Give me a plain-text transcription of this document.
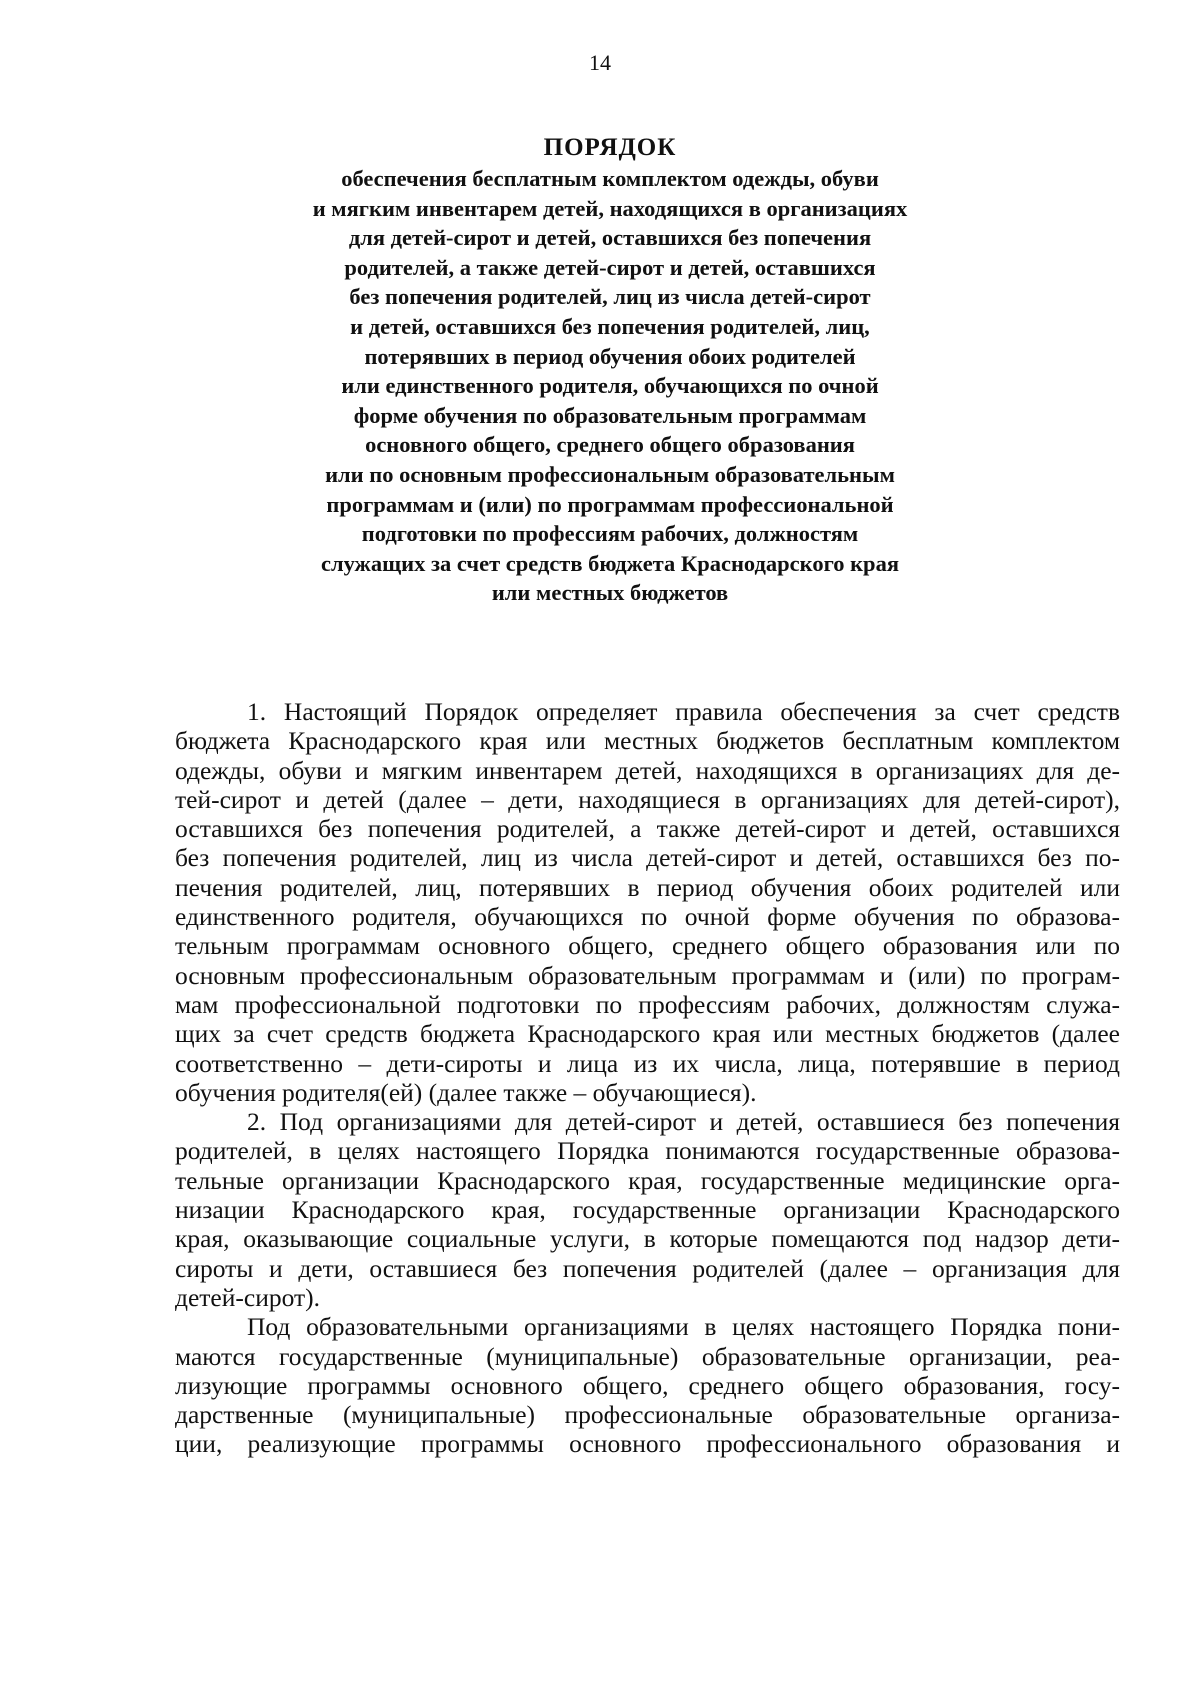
14
ПОРЯДОК
обеспечения бесплатным комплектом одежды, обуви
и мягким инвентарем детей, находящихся в организациях
для детей-сирот и детей, оставшихся без попечения
родителей, а также детей-сирот и детей, оставшихся
без попечения родителей, лиц из числа детей-сирот
и детей, оставшихся без попечения родителей, лиц,
потерявших в период обучения обоих родителей
или единственного родителя, обучающихся по очной
форме обучения по образовательным программам
основного общего, среднего общего образования
или по основным профессиональным образовательным
программам и (или) по программам профессиональной
подготовки по профессиям рабочих, должностям
служащих за счет средств бюджета Краснодарского края
или местных бюджетов
1. Настоящий Порядок определяет правила обеспечения за счет средств
бюджета Краснодарского края или местных бюджетов бесплатным комплектом
одежды, обуви и мягким инвентарем детей, находящихся в организациях для де-
тей-сирот и детей (далее – дети, находящиеся в организациях для детей-сирот),
оставшихся без попечения родителей, а также детей-сирот и детей, оставшихся
без попечения родителей, лиц из числа детей-сирот и детей, оставшихся без по-
печения родителей, лиц, потерявших в период обучения обоих родителей или
единственного родителя, обучающихся по очной форме обучения по образова-
тельным программам основного общего, среднего общего образования или по
основным профессиональным образовательным программам и (или) по програм-
мам профессиональной подготовки по профессиям рабочих, должностям служа-
щих за счет средств бюджета Краснодарского края или местных бюджетов (далее
соответственно – дети-сироты и лица из их числа, лица, потерявшие в период
обучения родителя(ей) (далее также – обучающиеся).
2. Под организациями для детей-сирот и детей, оставшиеся без попечения
родителей, в целях настоящего Порядка понимаются государственные образова-
тельные организации Краснодарского края, государственные медицинские орга-
низации Краснодарского края, государственные организации Краснодарского
края, оказывающие социальные услуги, в которые помещаются под надзор дети-
сироты и дети, оставшиеся без попечения родителей (далее – организация для
детей-сирот).
Под образовательными организациями в целях настоящего Порядка пони-
маются государственные (муниципальные) образовательные организации, реа-
лизующие программы основного общего, среднего общего образования, госу-
дарственные (муниципальные) профессиональные образовательные организа-
ции, реализующие программы основного профессионального образования и
